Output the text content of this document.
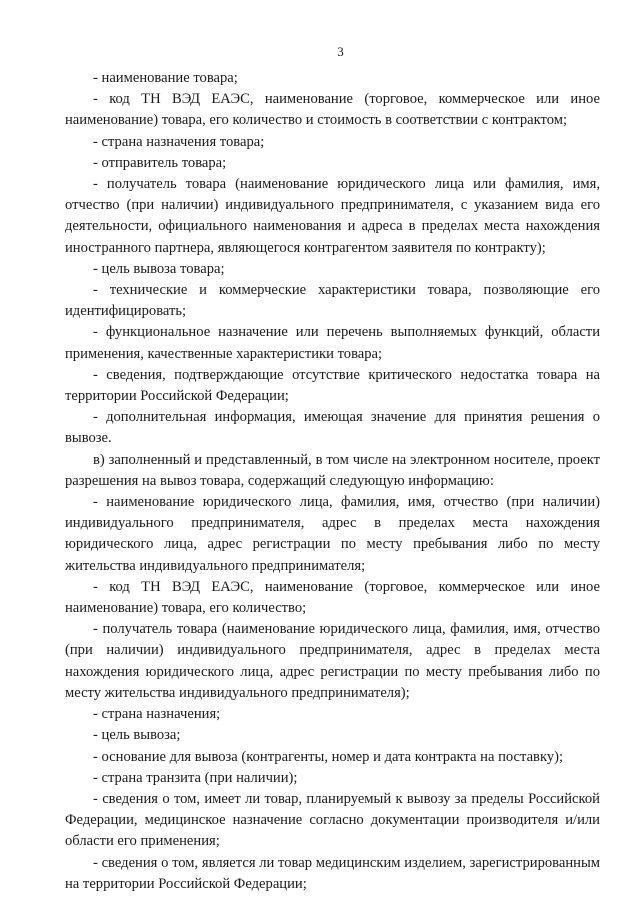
3

- наименование товара;

- код ТН ВЭД ЕАЭС, наименование (торговое, коммерческое или иное наименование) товара, его количество и стоимость в соответствии с контрактом;

- страна назначения товара;

- отправитель товара;

- получатель товара (наименование юридического лица или фамилия, имя, отчество (при наличии) индивидуального предпринимателя, с указанием вида его деятельности, официального наименования и адреса в пределах места нахождения иностранного партнера, являющегося контрагентом заявителя по контракту);

- цель вывоза товара;

- технические и коммерческие характеристики товара, позволяющие его идентифицировать;

- функциональное назначение или перечень выполняемых функций, области применения, качественные характеристики товара;

- сведения, подтверждающие отсутствие критического недостатка товара на территории Российской Федерации;

- дополнительная информация, имеющая значение для принятия решения о вывозе.

в) заполненный и представленный, в том числе на электронном носителе, проект разрешения на вывоз товара, содержащий следующую информацию:

- наименование юридического лица, фамилия, имя, отчество (при наличии) индивидуального предпринимателя, адрес в пределах места нахождения юридического лица, адрес регистрации по месту пребывания либо по месту жительства индивидуального предпринимателя;

- код ТН ВЭД ЕАЭС, наименование (торговое, коммерческое или иное наименование) товара, его количество;

- получатель товара (наименование юридического лица, фамилия, имя, отчество (при наличии) индивидуального предпринимателя, адрес в пределах места нахождения юридического лица, адрес регистрации по месту пребывания либо по месту жительства индивидуального предпринимателя);

- страна назначения;

- цель вывоза;

- основание для вывоза (контрагенты, номер и дата контракта на поставку);

- страна транзита (при наличии);

- сведения о том, имеет ли товар, планируемый к вывозу за пределы Российской Федерации, медицинское назначение согласно документации производителя и/или области его применения;

- сведения о том, является ли товар медицинским изделием, зарегистрированным на территории Российской Федерации;
